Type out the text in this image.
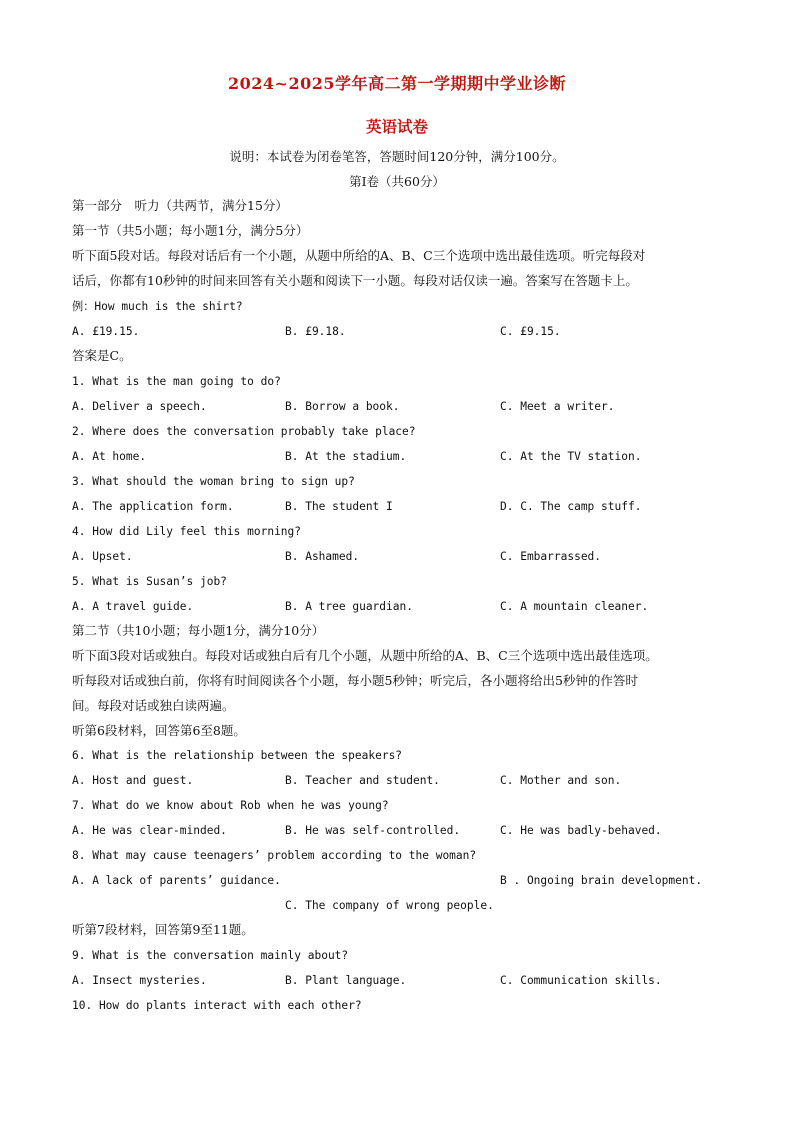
2024~2025学年高二第一学期期中学业诊断
英语试卷
说明：本试卷为闭卷笔答，答题时间120分钟，满分100分。
第Ⅰ卷（共60分）
第一部分　听力（共两节，满分15分）
第一节（共5小题；每小题1分，满分5分）
听下面5段对话。每段对话后有一个小题，从题中所给的A、B、C三个选项中选出最佳选项。听完每段对
话后，你都有10秒钟的时间来回答有关小题和阅读下一小题。每段对话仅读一遍。答案写在答题卡上。
例：How much is the shirt?
A. £19.15.	B. £9.18.	C. £9.15.
答案是C。
1. What is the man going to do?
A. Deliver a speech.	B. Borrow a book.	C. Meet a writer.
2. Where does the conversation probably take place?
A. At home.	B. At the stadium.	C. At the TV station.
3. What should the woman bring to sign up?
A. The application form.	B. The student I	D. C. The camp stuff.
4. How did Lily feel this morning?
A. Upset.	B. Ashamed.	C. Embarrassed.
5. What is Susan’s job?
A. A travel guide.	B. A tree guardian.	C. A mountain cleaner.
第二节（共10小题；每小题1分，满分10分）
听下面3段对话或独白。每段对话或独白后有几个小题，从题中所给的A、B、C三个选项中选出最佳选项。
听每段对话或独白前，你将有时间阅读各个小题，每小题5秒钟；听完后，各小题将给出5秒钟的作答时
间。每段对话或独白读两遍。
听第6段材料，回答第6至8题。
6. What is the relationship between the speakers?
A. Host and guest.	B. Teacher and student.	C. Mother and son.
7. What do we know about Rob when he was young?
A. He was clear-minded.	B. He was self-controlled.	C. He was badly-behaved.
8. What may cause teenagers’ problem according to the woman?
A. A lack of parents’ guidance.	B . Ongoing brain development.
C. The company of wrong people.
听第7段材料，回答第9至11题。
9. What is the conversation mainly about?
A. Insect mysteries.	B. Plant language.	C. Communication skills.
10. How do plants interact with each other?
